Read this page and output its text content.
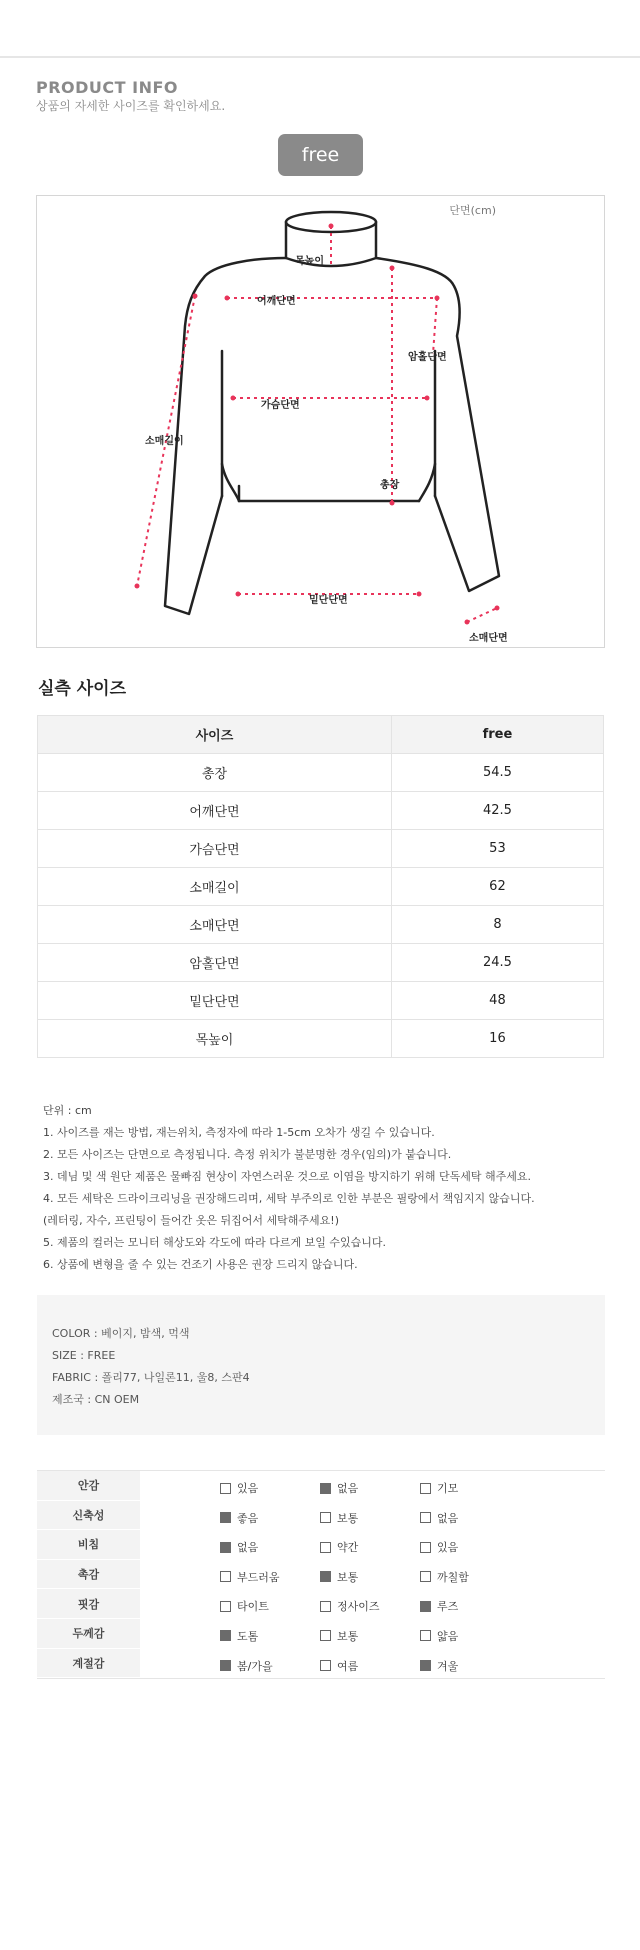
PRODUCT INFO
상품의 자세한 사이즈를 확인하세요.
free
단면(cm)
목높이
어깨단면
암홀단면
가슴단면
소매길이
총장
밑단단면
소매단면
실측 사이즈
사이즈	free
총장	54.5
어깨단면	42.5
가슴단면	53
소매길이	62
소매단면	8
암홀단면	24.5
밑단단면	48
목높이	16
단위 : cm
1. 사이즈를 재는 방법, 재는위치, 측정자에 따라 1-5cm 오차가 생길 수 있습니다.
2. 모든 사이즈는 단면으로 측정됩니다. 측정 위치가 불분명한 경우(임의)가 붙습니다.
3. 데님 및 색 원단 제품은 물빠짐 현상이 자연스러운 것으로 이염을 방지하기 위해 단독세탁 해주세요.
4. 모든 세탁은 드라이크리닝을 권장해드리며, 세탁 부주의로 인한 부분은 필랑에서 책임지지 않습니다.
(레터링, 자수, 프린팅이 들어간 옷은 뒤집어서 세탁해주세요!)
5. 제품의 컬러는 모니터 해상도와 각도에 따라 다르게 보일 수있습니다.
6. 상품에 변형을 줄 수 있는 건조기 사용은 권장 드리지 않습니다.
COLOR : 베이지, 밤색, 먹색
SIZE : FREE
FABRIC : 폴리77, 나일론11, 울8, 스판4
제조국 : CN OEM
안감	있음	없음	기모
신축성	좋음	보통	없음
비침	없음	약간	있음
촉감	부드러움	보통	까칠함
핏감	타이트	정사이즈	루즈
두께감	도톰	보통	얇음
계절감	봄/가을	여름	겨울
